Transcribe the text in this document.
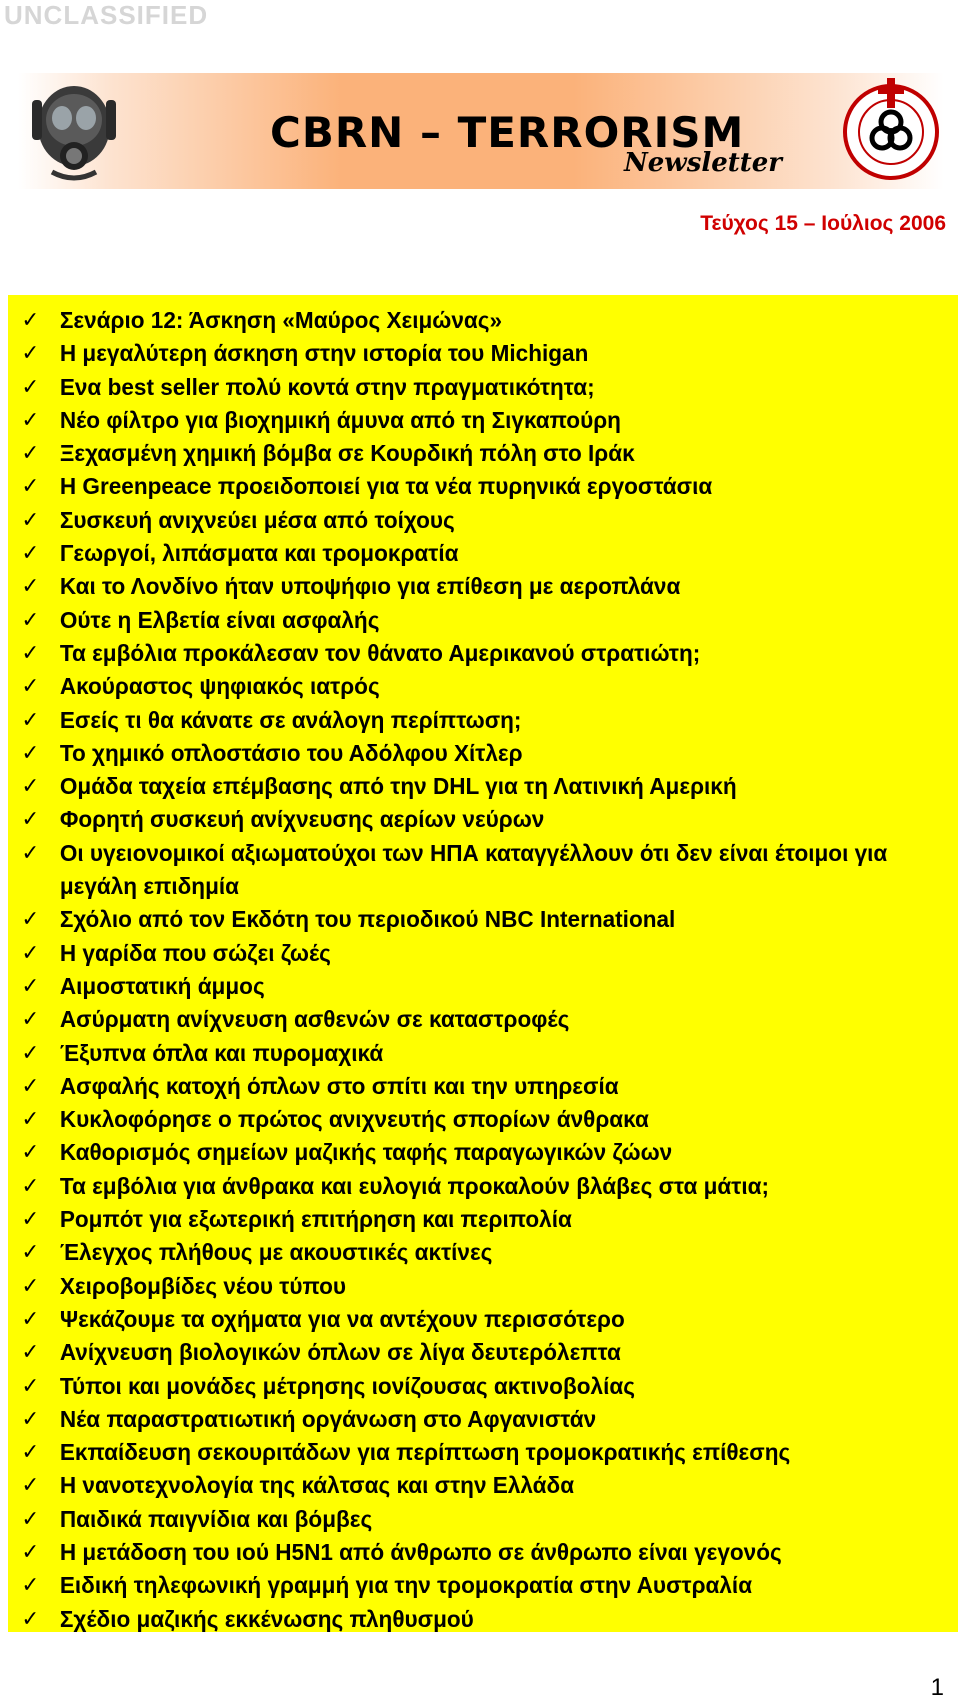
UNCLASSIFIED
CBRN – TERRORISM
Newsletter
Τεύχος 15 – Ιούλιος 2006
✓ Σενάριο 12: Άσκηση «Μαύρος Χειμώνας»
✓ Η μεγαλύτερη άσκηση στην ιστορία του Michigan
✓ Ενα best seller πολύ κοντά στην πραγματικότητα;
✓ Νέο φίλτρο για βιοχημική άμυνα από τη Σιγκαπούρη
✓ Ξεχασμένη χημική βόμβα σε Κουρδική πόλη στο Ιράκ
✓ Η Greenpeace προειδοποιεί για τα νέα πυρηνικά εργοστάσια
✓ Συσκευή ανιχνεύει μέσα από τοίχους
✓ Γεωργοί, λιπάσματα και τρομοκρατία
✓ Και το Λονδίνο ήταν υποψήφιο για επίθεση με αεροπλάνα
✓ Ούτε η Ελβετία είναι ασφαλής
✓ Τα εμβόλια προκάλεσαν τον θάνατο Αμερικανού στρατιώτη;
✓ Ακούραστος ψηφιακός ιατρός
✓ Εσείς τι θα κάνατε σε ανάλογη περίπτωση;
✓ Το χημικό οπλοστάσιο του Αδόλφου Χίτλερ
✓ Ομάδα ταχεία επέμβασης από την DHL για τη Λατινική Αμερική
✓ Φορητή συσκευή ανίχνευσης αερίων νεύρων
✓ Οι υγειονομικοί αξιωματούχοι των ΗΠΑ καταγγέλλουν ότι δεν είναι έτοιμοι για μεγάλη επιδημία
✓ Σχόλιο από τον Εκδότη του περιοδικού NBC International
✓ Η γαρίδα που σώζει ζωές
✓ Αιμοστατική άμμος
✓ Ασύρματη ανίχνευση ασθενών σε καταστροφές
✓ Έξυπνα όπλα και πυρομαχικά
✓ Ασφαλής κατοχή όπλων στο σπίτι και την υπηρεσία
✓ Κυκλοφόρησε ο πρώτος ανιχνευτής σπορίων άνθρακα
✓ Καθορισμός σημείων μαζικής ταφής παραγωγικών ζώων
✓ Τα εμβόλια για άνθρακα και ευλογιά προκαλούν βλάβες στα μάτια;
✓ Ρομπότ για εξωτερική επιτήρηση και περιπολία
✓ Έλεγχος πλήθους με ακουστικές ακτίνες
✓ Χειροβομβίδες νέου τύπου
✓ Ψεκάζουμε τα οχήματα για να αντέχουν περισσότερο
✓ Ανίχνευση βιολογικών όπλων σε λίγα δευτερόλεπτα
✓ Τύποι και μονάδες μέτρησης ιονίζουσας ακτινοβολίας
✓ Νέα παραστρατιωτική οργάνωση στο Αφγανιστάν
✓ Εκπαίδευση σεκουριτάδων για περίπτωση τρομοκρατικής επίθεσης
✓ Η νανοτεχνολογία της κάλτσας και στην Ελλάδα
✓ Παιδικά παιγνίδια και βόμβες
✓ Η μετάδοση του ιού H5N1 από άνθρωπο σε άνθρωπο είναι γεγονός
✓ Ειδική τηλεφωνική γραμμή για την τρομοκρατία στην Αυστραλία
✓ Σχέδιο μαζικής εκκένωσης πληθυσμού
1
